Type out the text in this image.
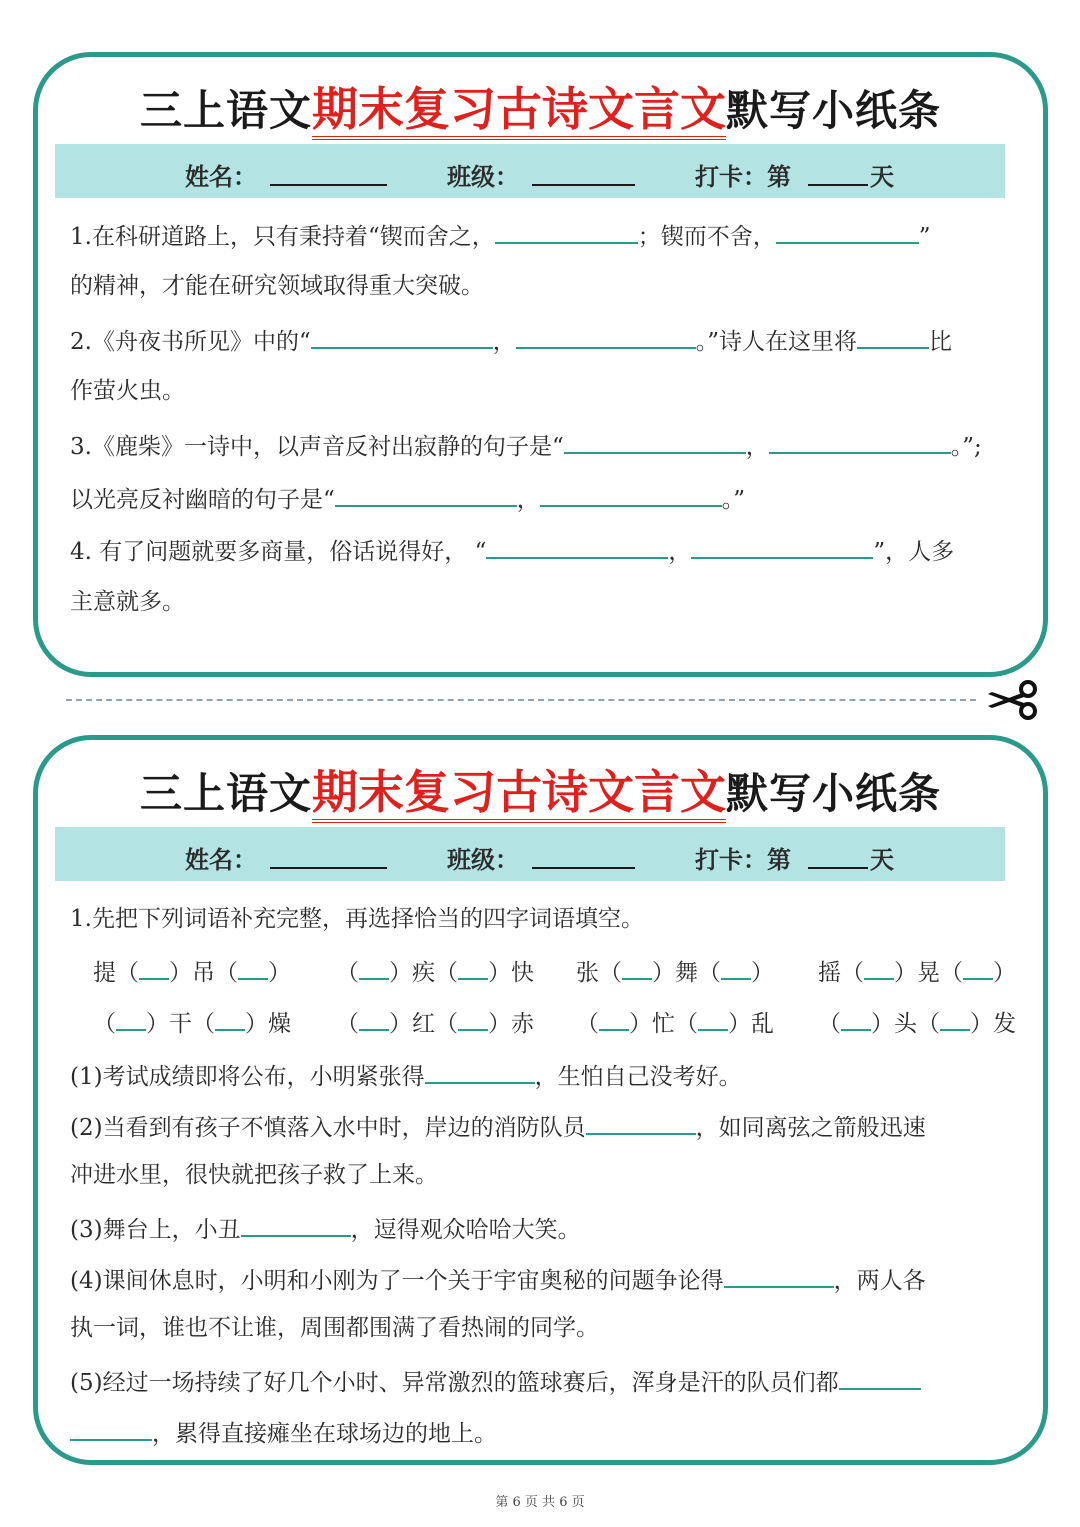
三上语文期末复习古诗文言文默写小纸条
姓名：	班级：	打卡：第	天
1.在科研道路上，只有秉持着“锲而舍之，	；锲而不舍，	”
的精神，才能在研究领域取得重大突破。
2.《舟夜书所见》中的“	，	。”诗人在这里将	比
作萤火虫。
3.《鹿柴》一诗中，以声音反衬出寂静的句子是“	，	。”;
以光亮反衬幽暗的句子是“	，	。”
4. 有了问题就要多商量，俗话说得好， “	，	”，人多
主意就多。
三上语文期末复习古诗文言文默写小纸条
姓名：	班级：	打卡：第	天
1.先把下列词语补充完整，再选择恰当的四字词语填空。
提（ ）吊（ ） （ ）疾（ ）快 张（ ）舞（ ） 摇（ ）晃（ ）
（ ）干（ ）燥 （ ）红（ ）赤 （ ）忙（ ）乱 （ ）头（ ）发
(1)考试成绩即将公布，小明紧张得	，生怕自己没考好。
(2)当看到有孩子不慎落入水中时，岸边的消防队员	，如同离弦之箭般迅速
冲进水里，很快就把孩子救了上来。
(3)舞台上，小丑	，逗得观众哈哈大笑。
(4)课间休息时，小明和小刚为了一个关于宇宙奥秘的问题争论得	，两人各
执一词，谁也不让谁，周围都围满了看热闹的同学。
(5)经过一场持续了好几个小时、异常激烈的篮球赛后，浑身是汗的队员们都
，累得直接瘫坐在球场边的地上。
第 6 页 共 6 页
